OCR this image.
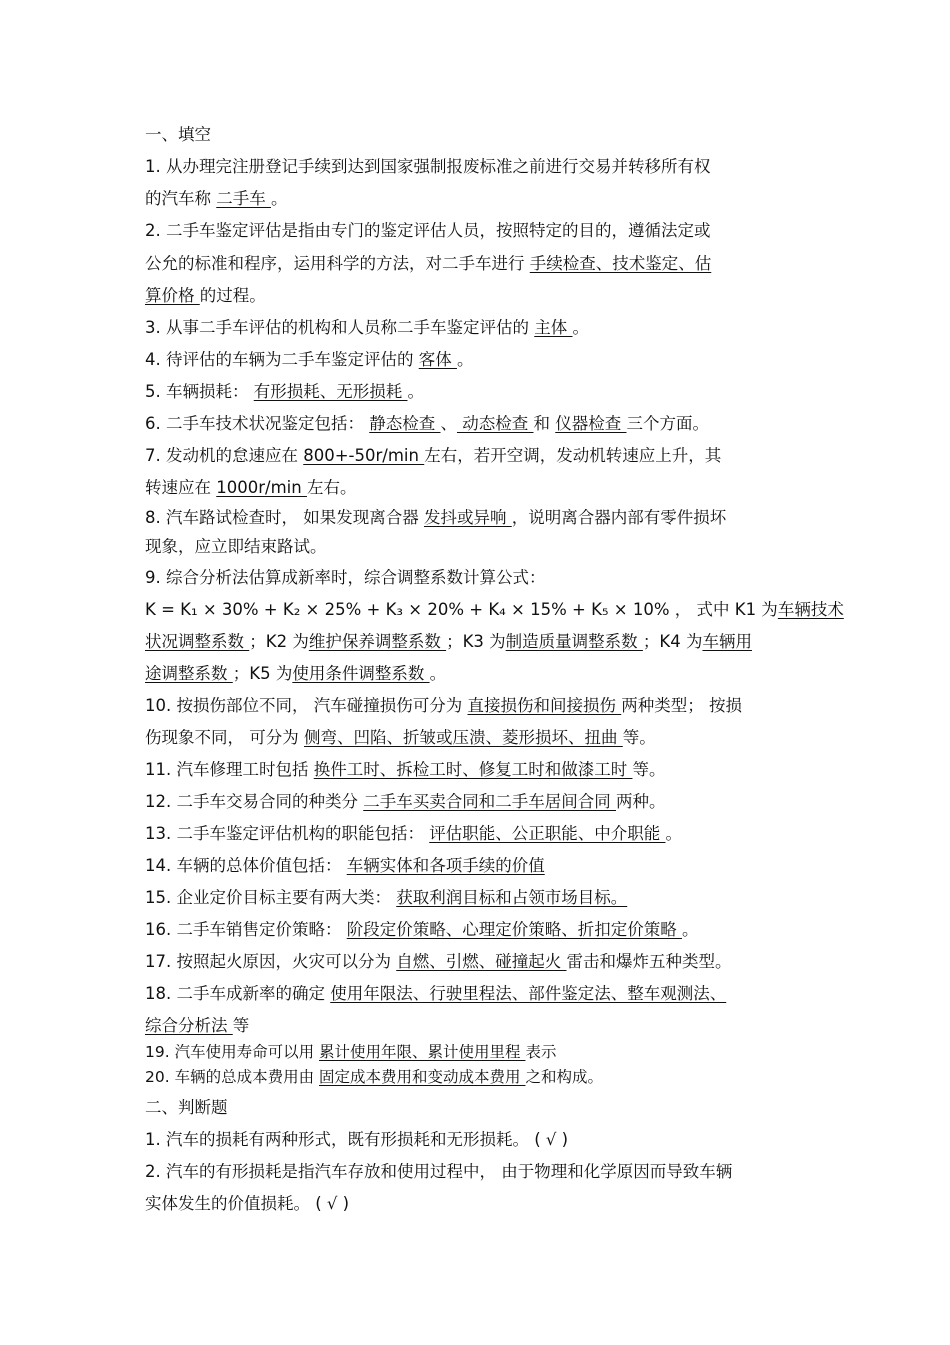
一、填空
1. 从办理完注册登记手续到达到国家强制报废标准之前进行交易并转移所有权
的汽车称 二手车 。
2. 二手车鉴定评估是指由专门的鉴定评估人员，按照特定的目的，遵循法定或
公允的标准和程序，运用科学的方法，对二手车进行 手续检查、技术鉴定、估
算价格 的过程。
3. 从事二手车评估的机构和人员称二手车鉴定评估的 主体 。
4. 待评估的车辆为二手车鉴定评估的 客体 。
5. 车辆损耗： 有形损耗、无形损耗 。
6. 二手车技术状况鉴定包括： 静态检查 、 动态检查 和 仪器检查 三个方面。
7. 发动机的怠速应在 800+-50r/min 左右，若开空调，发动机转速应上升，其
转速应在 1000r/min 左右。
8. 汽车路试检查时， 如果发现离合器 发抖或异响 ，说明离合器内部有零件损坏
现象，应立即结束路试。
9. 综合分析法估算成新率时，综合调整系数计算公式：
K = K₁ × 30% + K₂ × 25% + K₃ × 20% + K₄ × 15% + K₅ × 10% ， 式中 K1 为车辆技术
状况调整系数 ；K2 为维护保养调整系数 ；K3 为制造质量调整系数 ；K4 为车辆用
途调整系数 ；K5 为使用条件调整系数 。
10. 按损伤部位不同， 汽车碰撞损伤可分为 直接损伤和间接损伤 两种类型； 按损
伤现象不同， 可分为 侧弯、凹陷、折皱或压溃、菱形损坏、扭曲 等。
11. 汽车修理工时包括 换件工时、拆检工时、修复工时和做漆工时 等。
12. 二手车交易合同的种类分 二手车买卖合同和二手车居间合同 两种。
13. 二手车鉴定评估机构的职能包括： 评估职能、公正职能、中介职能 。
14. 车辆的总体价值包括： 车辆实体和各项手续的价值
15. 企业定价目标主要有两大类： 获取利润目标和占领市场目标。
16. 二手车销售定价策略： 阶段定价策略、心理定价策略、折扣定价策略 。
17. 按照起火原因，火灾可以分为 自燃、引燃、碰撞起火 雷击和爆炸五种类型。
18. 二手车成新率的确定 使用年限法、行驶里程法、部件鉴定法、整车观测法、
综合分析法 等
19. 汽车使用寿命可以用 累计使用年限、累计使用里程 表示
20. 车辆的总成本费用由 固定成本费用和变动成本费用 之和构成。
二、判断题
1. 汽车的损耗有两种形式，既有形损耗和无形损耗。 ( √ )
2. 汽车的有形损耗是指汽车存放和使用过程中， 由于物理和化学原因而导致车辆
实体发生的价值损耗。 ( √ )
